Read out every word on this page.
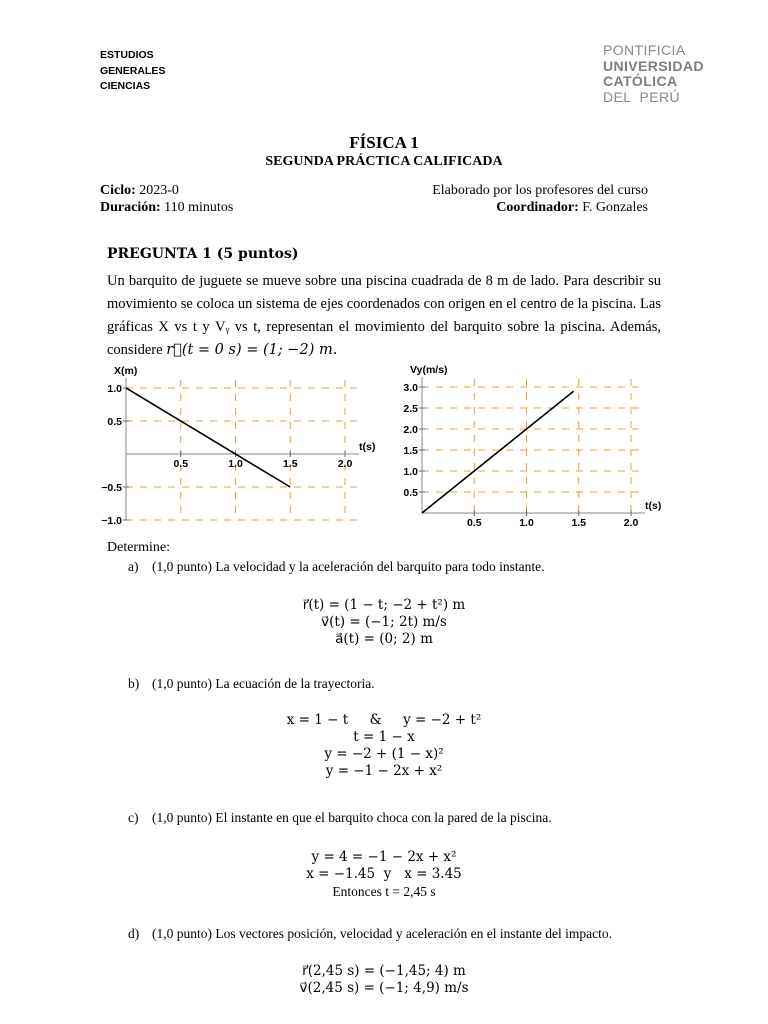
ESTUDIOS
GENERALES
CIENCIAS
PONTIFICIA
UNIVERSIDAD
CATÓLICA
DEL  PERÚ
FÍSICA 1
SEGUNDA PRÁCTICA CALIFICADA
Ciclo: 2023-0
Duración: 110 minutos
Elaborado por los profesores del curso
Coordinador: F. Gonzales
PREGUNTA 1 (5 puntos)
Un barquito de juguete se mueve sobre una piscina cuadrada de 8 m de lado. Para describir su movimiento se coloca un sistema de ejes coordenados con origen en el centro de la piscina. Las gráficas X vs t y Vᵧ vs t, representan el movimiento del barquito sobre la piscina. Además, considere r⃗(t = 0 s) = (1; −2) m.
0.5	1.0	1.5	2.0
1.0
0.5
−0.5
−1.0
X(m)
t(s)
0.5	1.0	1.5	2.0
3.0
2.5
2.0
1.5
1.0
0.5
Vy(m/s)
t(s)
Determine:
a) (1,0 punto) La velocidad y la aceleración del barquito para todo instante.
r⃗(t) = (1 − t; −2 + t²) m
v⃗(t) = (−1; 2t) m/s
a⃗(t) = (0; 2) m
b) (1,0 punto) La ecuación de la trayectoria.
x = 1 − t     &     y = −2 + t²
t = 1 − x
y = −2 + (1 − x)²
y = −1 − 2x + x²
c) (1,0 punto) El instante en que el barquito choca con la pared de la piscina.
y = 4 = −1 − 2x + x²
x = −1.45  y   x = 3.45
Entonces t = 2,45 s
d) (1,0 punto) Los vectores posición, velocidad y aceleración en el instante del impacto.
r⃗(2,45 s) = (−1,45; 4) m
v⃗(2,45 s) = (−1; 4,9) m/s
